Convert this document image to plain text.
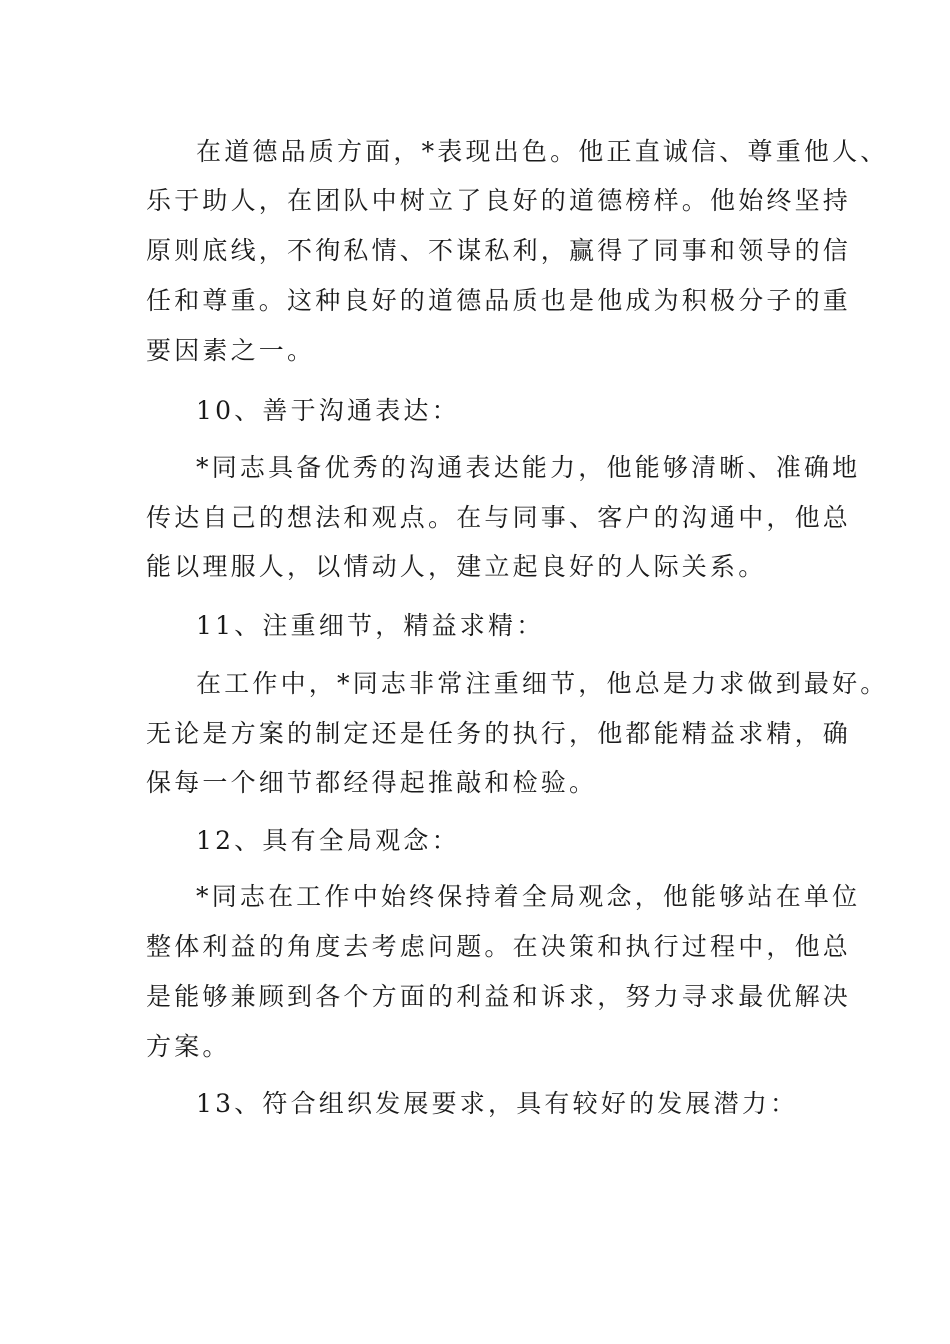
在道德品质方面，*表现出色。他正直诚信、尊重他人、
乐于助人，在团队中树立了良好的道德榜样。他始终坚持
原则底线，不徇私情、不谋私利，赢得了同事和领导的信
任和尊重。这种良好的道德品质也是他成为积极分子的重
要因素之一。
10、善于沟通表达：
*同志具备优秀的沟通表达能力，他能够清晰、准确地
传达自己的想法和观点。在与同事、客户的沟通中，他总
能以理服人，以情动人，建立起良好的人际关系。
11、注重细节，精益求精：
在工作中，*同志非常注重细节，他总是力求做到最好。
无论是方案的制定还是任务的执行，他都能精益求精，确
保每一个细节都经得起推敲和检验。
12、具有全局观念：
*同志在工作中始终保持着全局观念，他能够站在单位
整体利益的角度去考虑问题。在决策和执行过程中，他总
是能够兼顾到各个方面的利益和诉求，努力寻求最优解决
方案。
13、符合组织发展要求，具有较好的发展潜力：
